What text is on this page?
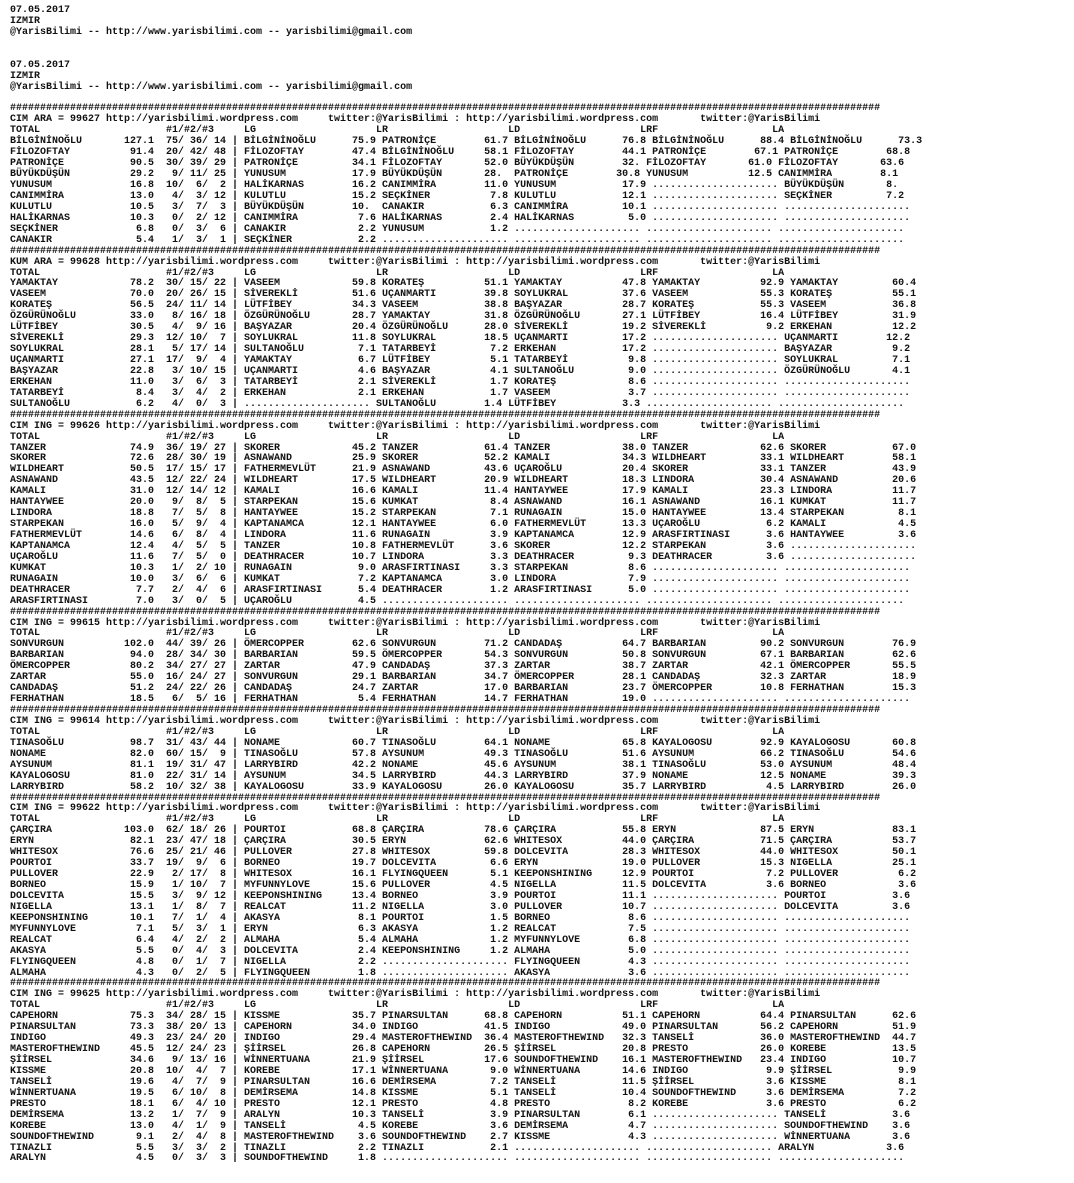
07.05.2017
IZMIR
@YarisBilimi -- http://www.yarisbilimi.com -- yarisbilimi@gmail.com
07.05.2017
IZMIR
@YarisBilimi -- http://www.yarisbilimi.com -- yarisbilimi@gmail.com
#################################################################################################################################################
CIM ARA = 99627 http://yarisbilimi.wordpress.com     twitter:@YarisBilimi : http://yarisbilimi.wordpress.com       twitter:@YarisBilimi
TOTAL                     #1/#2/#3     LG                    LR                    LD                    LRF                   LA
BİLGİNİNOĞLU       127.1  75/ 36/ 14 | BİLGİNİNOĞLU      75.9 PATRONİÇE        61.7 BİLGİNİNOĞLU      76.8 BİLGİNİNOĞLU      88.4 BİLGİNİNOĞLU      73.3
FİLOZOFTAY          91.4  20/ 42/ 48 | FİLOZOFTAY        47.4 BİLGİNİNOĞLU     58.1 FİLOZOFTAY        44.1 PATRONİÇE        67.1 PATRONİÇE        68.8
PATRONİÇE           90.5  30/ 39/ 29 | PATRONİÇE         34.1 FİLOZOFTAY       52.0 BÜYÜKDÜŞÜN        32. FİLOZOFTAY       61.0 FİLOZOFTAY       63.6
BÜYÜKDÜŞÜN          29.2   9/ 11/ 25 | YUNUSUM           17.9 BÜYÜKDÜŞÜN       28.  PATRONİÇE        30.8 YUNUSUM          12.5 CANIMMİRA        8.1
YUNUSUM             16.8  10/  6/  2 | HALİKARNAS        16.2 CANIMMİRA        11.0 YUNUSUM           17.9 ..................... BÜYÜKDÜŞÜN       8.
CANIMMİRA           13.0   4/  3/ 12 | KULUTLU           15.2 SEÇKİNER          7.8 KULUTLU           12.1 ..................... SEÇKİNER         7.2
KULUTLU             10.5   3/  7/  3 | BÜYÜKDÜŞÜN        10.  CANAKIR           6.3 CANIMMİRA         10.1 ..................... .....................
HALİKARNAS          10.3   0/  2/ 12 | CANIMMİRA          7.6 HALİKARNAS        2.4 HALİKARNAS         5.0 ..................... .....................
SEÇKİNER             6.8   0/  3/  6 | CANAKIR            2.2 YUNUSUM           1.2 ..................... ..................... .....................
CANAKIR              5.4   1/  3/  1 | SEÇKİNER           2.2 ..................... ..................... ..................... .....................
#################################################################################################################################################
KUM ARA = 99628 http://yarisbilimi.wordpress.com     twitter:@YarisBilimi : http://yarisbilimi.wordpress.com       twitter:@YarisBilimi
TOTAL                     #1/#2/#3     LG                    LR                    LD                    LRF                   LA
YAMAKTAY            78.2  30/ 15/ 22 | VASEEM            59.8 KORATEŞ          51.1 YAMAKTAY          47.8 YAMAKTAY          92.9 YAMAKTAY         60.4
VASEEM              70.0  20/ 26/ 15 | SİVEREKLİ         51.6 UÇANMARTI        39.8 SOYLUKRAL         37.6 VASEEM            55.3 KORATEŞ          55.1
KORATEŞ             56.5  24/ 11/ 14 | LÜTFİBEY          34.3 VASEEM           38.8 BAŞYAZAR          28.7 KORATEŞ           55.3 VASEEM           36.8
ÖZGÜRÜNOĞLU         33.0   8/ 16/ 18 | ÖZGÜRÜNOĞLU       28.7 YAMAKTAY         31.8 ÖZGÜRÜNOĞLU       27.1 LÜTFİBEY          16.4 LÜTFİBEY         31.9
LÜTFİBEY            30.5   4/  9/ 16 | BAŞYAZAR          20.4 ÖZGÜRÜNOĞLU      28.0 SİVEREKLİ         19.2 SİVEREKLİ          9.2 ERKEHAN          12.2
SİVEREKLİ           29.3  12/ 10/  7 | SOYLUKRAL         11.8 SOYLUKRAL        18.5 UÇANMARTI         17.2 ..................... UÇANMARTI        12.2
SOYLUKRAL           28.1   5/ 17/ 14 | SULTANOĞLU         7.1 TATARBEYİ         7.2 ERKEHAN           17.2 ..................... BAŞYAZAR          9.2
UÇANMARTI           27.1  17/  9/  4 | YAMAKTAY           6.7 LÜTFİBEY          5.1 TATARBEYİ          9.8 ..................... SOYLUKRAL         7.1
BAŞYAZAR            22.8   3/ 10/ 15 | UÇANMARTI          4.6 BAŞYAZAR          4.1 SULTANOĞLU         9.0 ..................... ÖZGÜRÜNOĞLU       4.1
ERKEHAN             11.0   3/  6/  3 | TATARBEYİ          2.1 SİVEREKLİ         1.7 KORATEŞ            8.6 ..................... .....................
TATARBEYİ            8.4   3/  4/  2 | ERKEHAN            2.1 ERKEHAN           1.7 VASEEM             3.7 ..................... .....................
SULTANOĞLU           6.2   4/  0/  3 | ..................... SULTANOĞLU        1.4 LÜTFİBEY           3.3 ..................... .....................
#################################################################################################################################################
CIM ING = 99626 http://yarisbilimi.wordpress.com     twitter:@YarisBilimi : http://yarisbilimi.wordpress.com       twitter:@YarisBilimi
TOTAL                     #1/#2/#3     LG                    LR                    LD                    LRF                   LA
TANZER              74.9  36/ 19/ 27 | SKORER            45.2 TANZER           61.4 TANZER            38.0 TANZER            62.6 SKORER           67.0
SKORER              72.6  28/ 30/ 19 | ASNAWAND          25.9 SKORER           52.2 KAMALI            34.3 WILDHEART         33.1 WILDHEART        58.1
WILDHEART           50.5  17/ 15/ 17 | FATHERMEVLÜT      21.9 ASNAWAND         43.6 UÇAROĞLU          20.4 SKORER            33.1 TANZER           43.9
ASNAWAND            43.5  12/ 22/ 24 | WILDHEART         17.5 WILDHEART        20.9 WILDHEART         18.3 LINDORA           30.4 ASNAWAND         20.6
KAMALI              31.0  12/ 14/ 12 | KAMALI            16.6 KAMALI           11.4 HANTAYWEE         17.9 KAMALI            23.3 LINDORA          11.7
HANTAYWEE           20.0   9/  8/  5 | STARPEKAN         15.6 KUMKAT            8.4 ASNAWAND          16.1 ASNAWAND          16.1 KUMKAT           11.7
LINDORA             18.8   7/  5/  8 | HANTAYWEE         15.2 STARPEKAN         7.1 RUNAGAIN          15.0 HANTAYWEE         13.4 STARPEKAN         8.1
STARPEKAN           16.0   5/  9/  4 | KAPTANAMCA        12.1 HANTAYWEE         6.0 FATHERMEVLÜT      13.3 UÇAROĞLU           6.2 KAMALI            4.5
FATHERMEVLÜT        14.6   6/  8/  4 | LINDORA           11.6 RUNAGAIN          3.9 KAPTANAMCA        12.9 ARASFIRTINASI      3.6 HANTAYWEE         3.6
KAPTANAMCA          12.4   4/  5/  5 | TANZER            10.8 FATHERMEVLÜT      3.6 SKORER            12.2 STARPEKAN          3.6 .....................
UÇAROĞLU            11.6   7/  5/  0 | DEATHRACER        10.7 LINDORA           3.3 DEATHRACER         9.3 DEATHRACER         3.6 .....................
KUMKAT              10.3   1/  2/ 10 | RUNAGAIN           9.0 ARASFIRTINASI     3.3 STARPEKAN          8.6 ..................... .....................
RUNAGAIN            10.0   3/  6/  6 | KUMKAT             7.2 KAPTANAMCA        3.0 LINDORA            7.9 ..................... .....................
DEATHRACER           7.7   2/  4/  6 | ARASFIRTINASI      5.4 DEATHRACER        1.2 ARASFIRTINASI      5.0 ..................... .....................
ARASFIRTINASI        7.0   3/  0/  5 | UÇAROĞLU           4.5 ..................... ..................... ..................... .....................
#################################################################################################################################################
CIM ING = 99615 http://yarisbilimi.wordpress.com     twitter:@YarisBilimi : http://yarisbilimi.wordpress.com       twitter:@YarisBilimi
TOTAL                     #1/#2/#3     LG                    LR                    LD                    LRF                   LA
SONVURGUN          102.0  44/ 39/ 26 | ÖMERCOPPER        62.6 SONVURGUN        71.2 CANDADAŞ          64.7 BARBARIAN         90.2 SONVURGUN        76.9
BARBARIAN           94.0  28/ 34/ 30 | BARBARIAN         59.5 ÖMERCOPPER       54.3 SONVURGUN         50.8 SONVURGUN         67.1 BARBARIAN        62.6
ÖMERCOPPER          80.2  34/ 27/ 27 | ZARTAR            47.9 CANDADAŞ         37.3 ZARTAR            38.7 ZARTAR            42.1 ÖMERCOPPER       55.5
ZARTAR              55.0  16/ 24/ 27 | SONVURGUN         29.1 BARBARIAN        34.7 ÖMERCOPPER        28.1 CANDADAŞ          32.3 ZARTAR           18.9
CANDADAŞ            51.2  24/ 22/ 26 | CANDADAŞ          24.7 ZARTAR           17.0 BARBARIAN         23.7 ÖMERCOPPER        10.8 FERHATHAN        15.3
FERHATHAN           18.5   6/  5/ 16 | FERHATHAN          5.4 FERHATHAN        14.7 FERHATHAN         19.0 ..................... .....................
#################################################################################################################################################
CIM ING = 99614 http://yarisbilimi.wordpress.com     twitter:@YarisBilimi : http://yarisbilimi.wordpress.com       twitter:@YarisBilimi
TOTAL                     #1/#2/#3     LG                    LR                    LD                    LRF                   LA
TINASOĞLU           98.7  31/ 43/ 44 | NONAME            60.7 TINASOĞLU        64.1 NONAME            65.8 KAYALOGOSU        92.9 KAYALOGOSU       60.8
NONAME              82.0  60/ 15/  9 | TINASOĞLU         57.8 AYSUNUM          49.3 TINASOĞLU         51.6 AYSUNUM           66.2 TINASOĞLU        54.6
AYSUNUM             81.1  19/ 31/ 47 | LARRYBIRD         42.2 NONAME           45.6 AYSUNUM           38.1 TINASOĞLU         53.0 AYSUNUM          48.4
KAYALOGOSU          81.0  22/ 31/ 14 | AYSUNUM           34.5 LARRYBIRD        44.3 LARRYBIRD         37.9 NONAME            12.5 NONAME           39.3
LARRYBIRD           58.2  10/ 32/ 38 | KAYALOGOSU        33.9 KAYALOGOSU       26.0 KAYALOGOSU        35.7 LARRYBIRD          4.5 LARRYBIRD        26.0
#################################################################################################################################################
CIM ING = 99622 http://yarisbilimi.wordpress.com     twitter:@YarisBilimi : http://yarisbilimi.wordpress.com       twitter:@YarisBilimi
TOTAL                     #1/#2/#3     LG                    LR                    LD                    LRF                   LA
ÇARÇIRA            103.0  62/ 18/ 26 | POURTOI           68.8 ÇARÇIRA          78.6 ÇARÇIRA           55.8 ERYN              87.5 ERYN             83.1
ERYN                82.1  23/ 47/ 18 | ÇARÇIRA           30.5 ERYN             62.6 WHITESOX          44.0 ÇARÇIRA           71.5 ÇARÇIRA          53.7
WHITESOX            76.6  25/ 21/ 46 | PULLOVER          27.8 WHITESOX         59.8 DOLCEVITA         28.3 WHITESOX          44.0 WHITESOX         50.1
POURTOI             33.7  19/  9/  6 | BORNEO            19.7 DOLCEVITA         6.6 ERYN              19.0 PULLOVER          15.3 NIGELLA          25.1
PULLOVER            22.9   2/ 17/  8 | WHITESOX          16.1 FLYINGQUEEN       5.1 KEEPONSHINING     12.9 POURTOI            7.2 PULLOVER          6.2
BORNEO              15.9   1/ 10/  7 | MYFUNNYLOVE       15.6 PULLOVER          4.5 NIGELLA           11.5 DOLCEVITA          3.6 BORNEO            3.6
DOLCEVITA           15.5   3/  9/ 12 | KEEPONSHINING     13.4 BORNEO            3.9 POURTOI           11.1 ..................... POURTOI           3.6
NIGELLA             13.1   1/  8/  7 | REALCAT           11.2 NIGELLA           3.0 PULLOVER          10.7 ..................... DOLCEVITA         3.6
KEEPONSHINING       10.1   7/  1/  4 | AKASYA             8.1 POURTOI           1.5 BORNEO             8.6 ..................... .....................
MYFUNNYLOVE          7.1   5/  3/  1 | ERYN               6.3 AKASYA            1.2 REALCAT            7.5 ..................... .....................
REALCAT              6.4   4/  2/  2 | ALMAHA             5.4 ALMAHA            1.2 MYFUNNYLOVE        6.8 ..................... .....................
AKASYA               5.5   0/  4/  3 | DOLCEVITA          2.4 KEEPONSHINING     1.2 ALMAHA             5.0 ..................... .....................
FLYINGQUEEN          4.8   0/  1/  7 | NIGELLA            2.2 ..................... FLYINGQUEEN        4.3 ..................... .....................
ALMAHA               4.3   0/  2/  5 | FLYINGQUEEN        1.8 ..................... AKASYA             3.6 ..................... .....................
#################################################################################################################################################
CIM ING = 99625 http://yarisbilimi.wordpress.com     twitter:@YarisBilimi : http://yarisbilimi.wordpress.com       twitter:@YarisBilimi
TOTAL                     #1/#2/#3     LG                    LR                    LD                    LRF                   LA
CAPEHORN            75.3  34/ 28/ 15 | KISSME            35.7 PINARSULTAN      68.8 CAPEHORN          51.1 CAPEHORN          64.4 PINARSULTAN      62.6
PINARSULTAN         73.3  38/ 20/ 13 | CAPEHORN          34.0 INDIGO           41.5 INDIGO            49.0 PINARSULTAN       56.2 CAPEHORN         51.9
INDIGO              49.3  23/ 24/ 20 | INDIGO            29.4 MASTEROFTHEWIND  36.4 MASTEROFTHEWIND   32.3 TANSELİ           36.0 MASTEROFTHEWIND  44.7
MASTEROFTHEWIND     45.5  12/ 24/ 23 | ŞİİRSEL           26.8 CAPEHORN         26.5 ŞİİRSEL           20.8 PRESTO            26.0 KOREBE           13.5
ŞİİRSEL             34.6   9/ 13/ 16 | WİNNERTUANA       21.9 ŞİİRSEL          17.6 SOUNDOFTHEWIND    16.1 MASTEROFTHEWIND   23.4 INDIGO           10.7
KISSME              20.8  10/  4/  7 | KOREBE            17.1 WİNNERTUANA       9.0 WİNNERTUANA       14.6 INDIGO             9.9 ŞİİRSEL           9.9
TANSELİ             19.6   4/  7/  9 | PINARSULTAN       16.6 DEMİRSEMA         7.2 TANSELİ           11.5 ŞİİRSEL            3.6 KISSME            8.1
WİNNERTUANA         19.5   6/ 10/  8 | DEMİRSEMA         14.8 KISSME            5.1 TANSELİ           10.4 SOUNDOFTHEWIND     3.6 DEMİRSEMA         7.2
PRESTO              18.1   6/  4/ 10 | PRESTO            12.1 PRESTO            4.8 PRESTO             8.2 KOREBE             3.6 PRESTO            6.2
DEMİRSEMA           13.2   1/  7/  9 | ARALYN            10.3 TANSELİ           3.9 PINARSULTAN        6.1 ..................... TANSELİ           3.6
KOREBE              13.0   4/  1/  9 | TANSELİ            4.5 KOREBE            3.6 DEMİRSEMA          4.7 ..................... SOUNDOFTHEWIND    3.6
SOUNDOFTHEWIND       9.1   2/  4/  8 | MASTEROFTHEWIND    3.6 SOUNDOFTHEWIND    2.7 KISSME             4.3 ..................... WİNNERTUANA       3.6
TINAZLI              5.5   3/  3/  2 | TINAZLI            2.2 TINAZLI           2.1 ..................... ..................... ARALYN            3.6
ARALYN               4.5   0/  3/  3 | SOUNDOFTHEWIND     1.8 ..................... ..................... ..................... .....................
